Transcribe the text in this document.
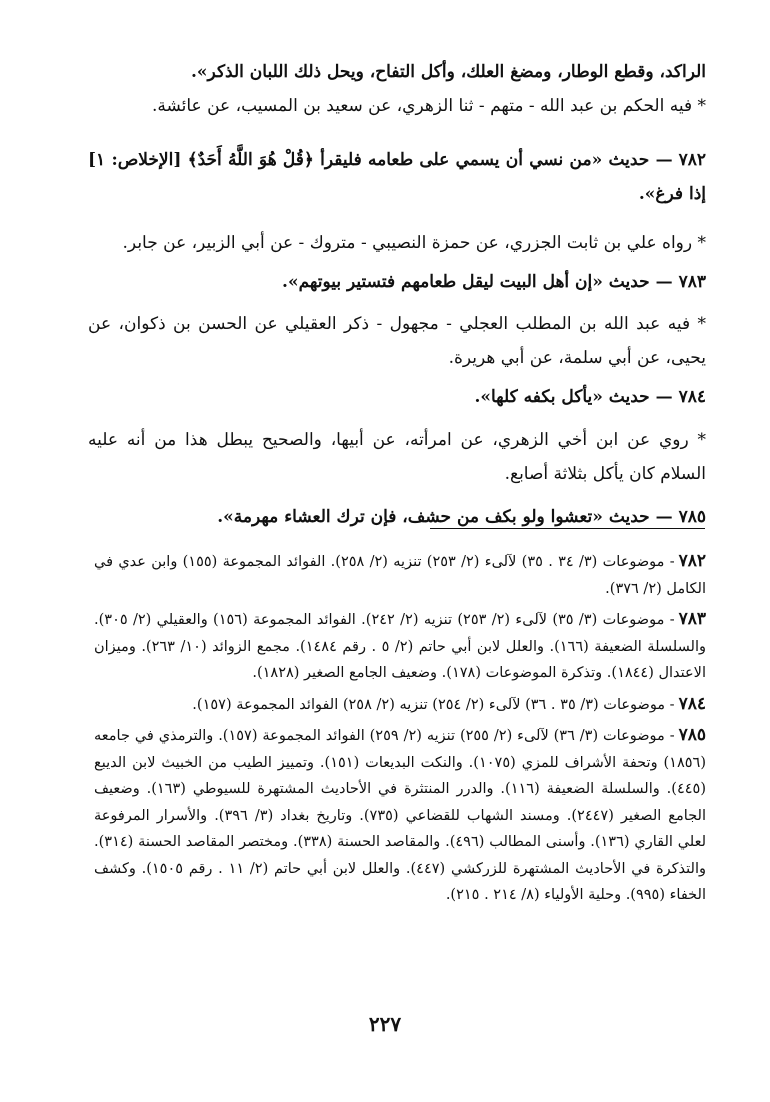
الراكد، وقطع الوطار، ومضغ العلك، وأكل التفاح، ويحل ذلك اللبان الذكر».

* فيه الحكم بن عبد الله - متهم - ثنا الزهري، عن سعيد بن المسيب، عن عائشة.

٧٨٢— حديث «من نسي أن يسمي على طعامه فليقرأ ﴿قُلْ هُوَ اللَّهُ أَحَدٌ﴾ [الإخلاص: ١] إذا فرغ».

* رواه علي بن ثابت الجزري، عن حمزة النصيبي - متروك - عن أبي الزبير، عن جابر.

٧٨٣— حديث «إن أهل البيت ليقل طعامهم فتستير بيوتهم».

* فيه عبد الله بن المطلب العجلي - مجهول - ذكر العقيلي عن الحسن بن ذكوان، عن يحيى، عن أبي سلمة، عن أبي هريرة.

٧٨٤— حديث «يأكل بكفه كلها».

* روي عن ابن أخي الزهري، عن امرأته، عن أبيها، والصحيح يبطل هذا من أنه عليه السلام كان يأكل بثلاثة أصابع.

٧٨٥— حديث «تعشوا ولو بكف من حشف، فإن ترك العشاء مهرمة».

٧٨٢- موضوعات (٣/ ٣٤ . ٣٥) لآلىء (٢/ ٢٥٣) تنزيه (٢/ ٢٥٨). الفوائد المجموعة (١٥٥) وابن عدي في الكامل (٢/ ٣٧٦).

٧٨٣- موضوعات (٣/ ٣٥) لآلىء (٢/ ٢٥٣) تنزيه (٢/ ٢٤٢). الفوائد المجموعة (١٥٦) والعقيلي (٢/ ٣٠٥). والسلسلة الضعيفة (١٦٦). والعلل لابن أبي حاتم (٢/ ٥ . رقم ١٤٨٤). مجمع الزوائد (١٠/ ٢٦٣). وميزان الاعتدال (١٨٤٤). وتذكرة الموضوعات (١٧٨). وضعيف الجامع الصغير (١٨٢٨).

٧٨٤- موضوعات (٣/ ٣٥ . ٣٦) لآلىء (٢/ ٢٥٤) تنزيه (٢/ ٢٥٨) الفوائد المجموعة (١٥٧).

٧٨٥- موضوعات (٣/ ٣٦) لآلىء (٢/ ٢٥٥) تنزيه (٢/ ٢٥٩) الفوائد المجموعة (١٥٧). والترمذي في جامعه (١٨٥٦) وتحفة الأشراف للمزي (١٠٧٥). والنكت البديعات (١٥١). وتمييز الطيب من الخبيث لابن الديبع (٤٤٥). والسلسلة الضعيفة (١١٦). والدرر المنتثرة في الأحاديث المشتهرة للسيوطي (١٦٣). وضعيف الجامع الصغير (٢٤٤٧). ومسند الشهاب للقضاعي (٧٣٥). وتاريخ بغداد (٣/ ٣٩٦). والأسرار المرفوعة لعلي القاري (١٣٦). وأسنى المطالب (٤٩٦). والمقاصد الحسنة (٣٣٨). ومختصر المقاصد الحسنة (٣١٤). والتذكرة في الأحاديث المشتهرة للزركشي (٤٤٧). والعلل لابن أبي حاتم (٢/ ١١ . رقم ١٥٠٥). وكشف الخفاء (٩٩٥). وحلية الأولياء (٨/ ٢١٤ . ٢١٥).

٢٢٧
